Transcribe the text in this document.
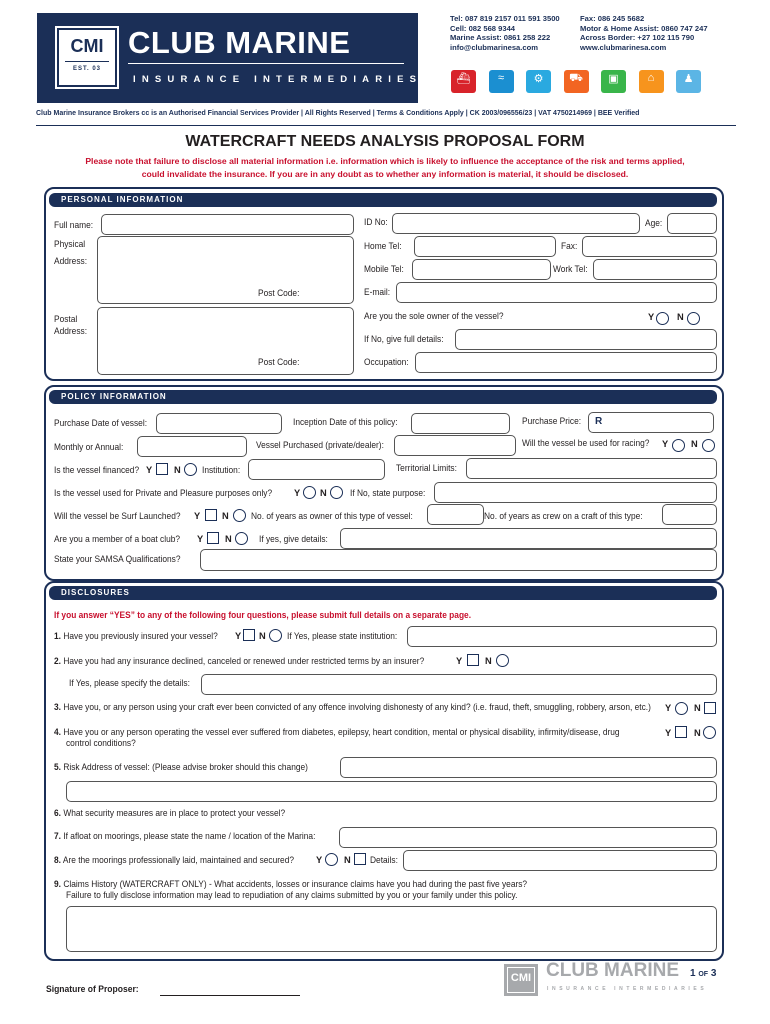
CMI
EST. 03
CLUB MARINE
INSURANCE INTERMEDIARIES
Tel: 087 819 2157 011 591 3500
Cell: 082 568 9344
Marine Assist: 0861 258 222
info@clubmarinesa.com
Fax: 086 245 5682
Motor & Home Assist: 0860 747 247
Across Border: +27 102 115 790
www.clubmarinesa.com
⛴	≈	⚙	⛟	▣	⌂	♟
Club Marine Insurance Brokers cc is an Authorised Financial Services Provider | All Rights Reserved | Terms & Conditions Apply | CK 2003/096556/23 | VAT 4750214969 | BEE Verified
WATERCRAFT NEEDS ANALYSIS PROPOSAL FORM
Please note that failure to disclose all material information i.e. information which is likely to influence the acceptance of the risk and terms applied,
could invalidate the insurance. If you are in any doubt as to whether any information is material, it should be disclosed.
PERSONAL INFORMATION
Full name:
Physical
Address:
Post Code:
Postal
Address:
Post Code:
ID No:	Age:
Home Tel:	Fax:
Mobile Tel:	Work Tel:
E-mail:
Are you the sole owner of the vessel?	Y N
If No, give full details:
Occupation:
POLICY INFORMATION
Purchase Date of vessel:	Inception Date of this policy:	Purchase Price: R
Monthly or Annual:	Vessel Purchased (private/dealer):	Will the vessel be used for racing? Y N
Is the vessel financed? Y N Institution:	Territorial Limits:
Is the vessel used for Private and Pleasure purposes only? Y N	If No, state purpose:
Will the vessel be Surf Launched? Y N No. of years as owner of this type of vessel:	No. of years as crew on a craft of this type:
Are you a member of a boat club? Y N	If yes, give details:
State your SAMSA Qualifications?
DISCLOSURES
If you answer “YES” to any of the following four questions, please submit full details on a separate page.
1. Have you previously insured your vessel? Y N If Yes, please state institution:
2. Have you had any insurance declined, canceled or renewed under restricted terms by an insurer?	Y N
If Yes, please specify the details:
3. Have you, or any person using your craft ever been convicted of any offence involving dishonesty of any kind? (i.e. fraud, theft, smuggling, robbery, arson, etc.) Y N
4. Have you or any person operating the vessel ever suffered from diabetes, epilepsy, heart condition, mental or physical disability, infirmity/disease, drug
control conditions?
Y N
5. Risk Address of vessel: (Please advise broker should this change)
6. What security measures are in place to protect your vessel?
7. If afloat on moorings, please state the name / location of the Marina:
8. Are the moorings professionally laid, maintained and secured? Y N Details:
9. Claims History (WATERCRAFT ONLY) - What accidents, losses or insurance claims have you had during the past five years?
Failure to fully disclose information may lead to repudiation of any claims submitted by you or your family under this policy.
CMI CLUB MARINE
INSURANCE INTERMEDIARIES
1 OF 3
Signature of Proposer:
